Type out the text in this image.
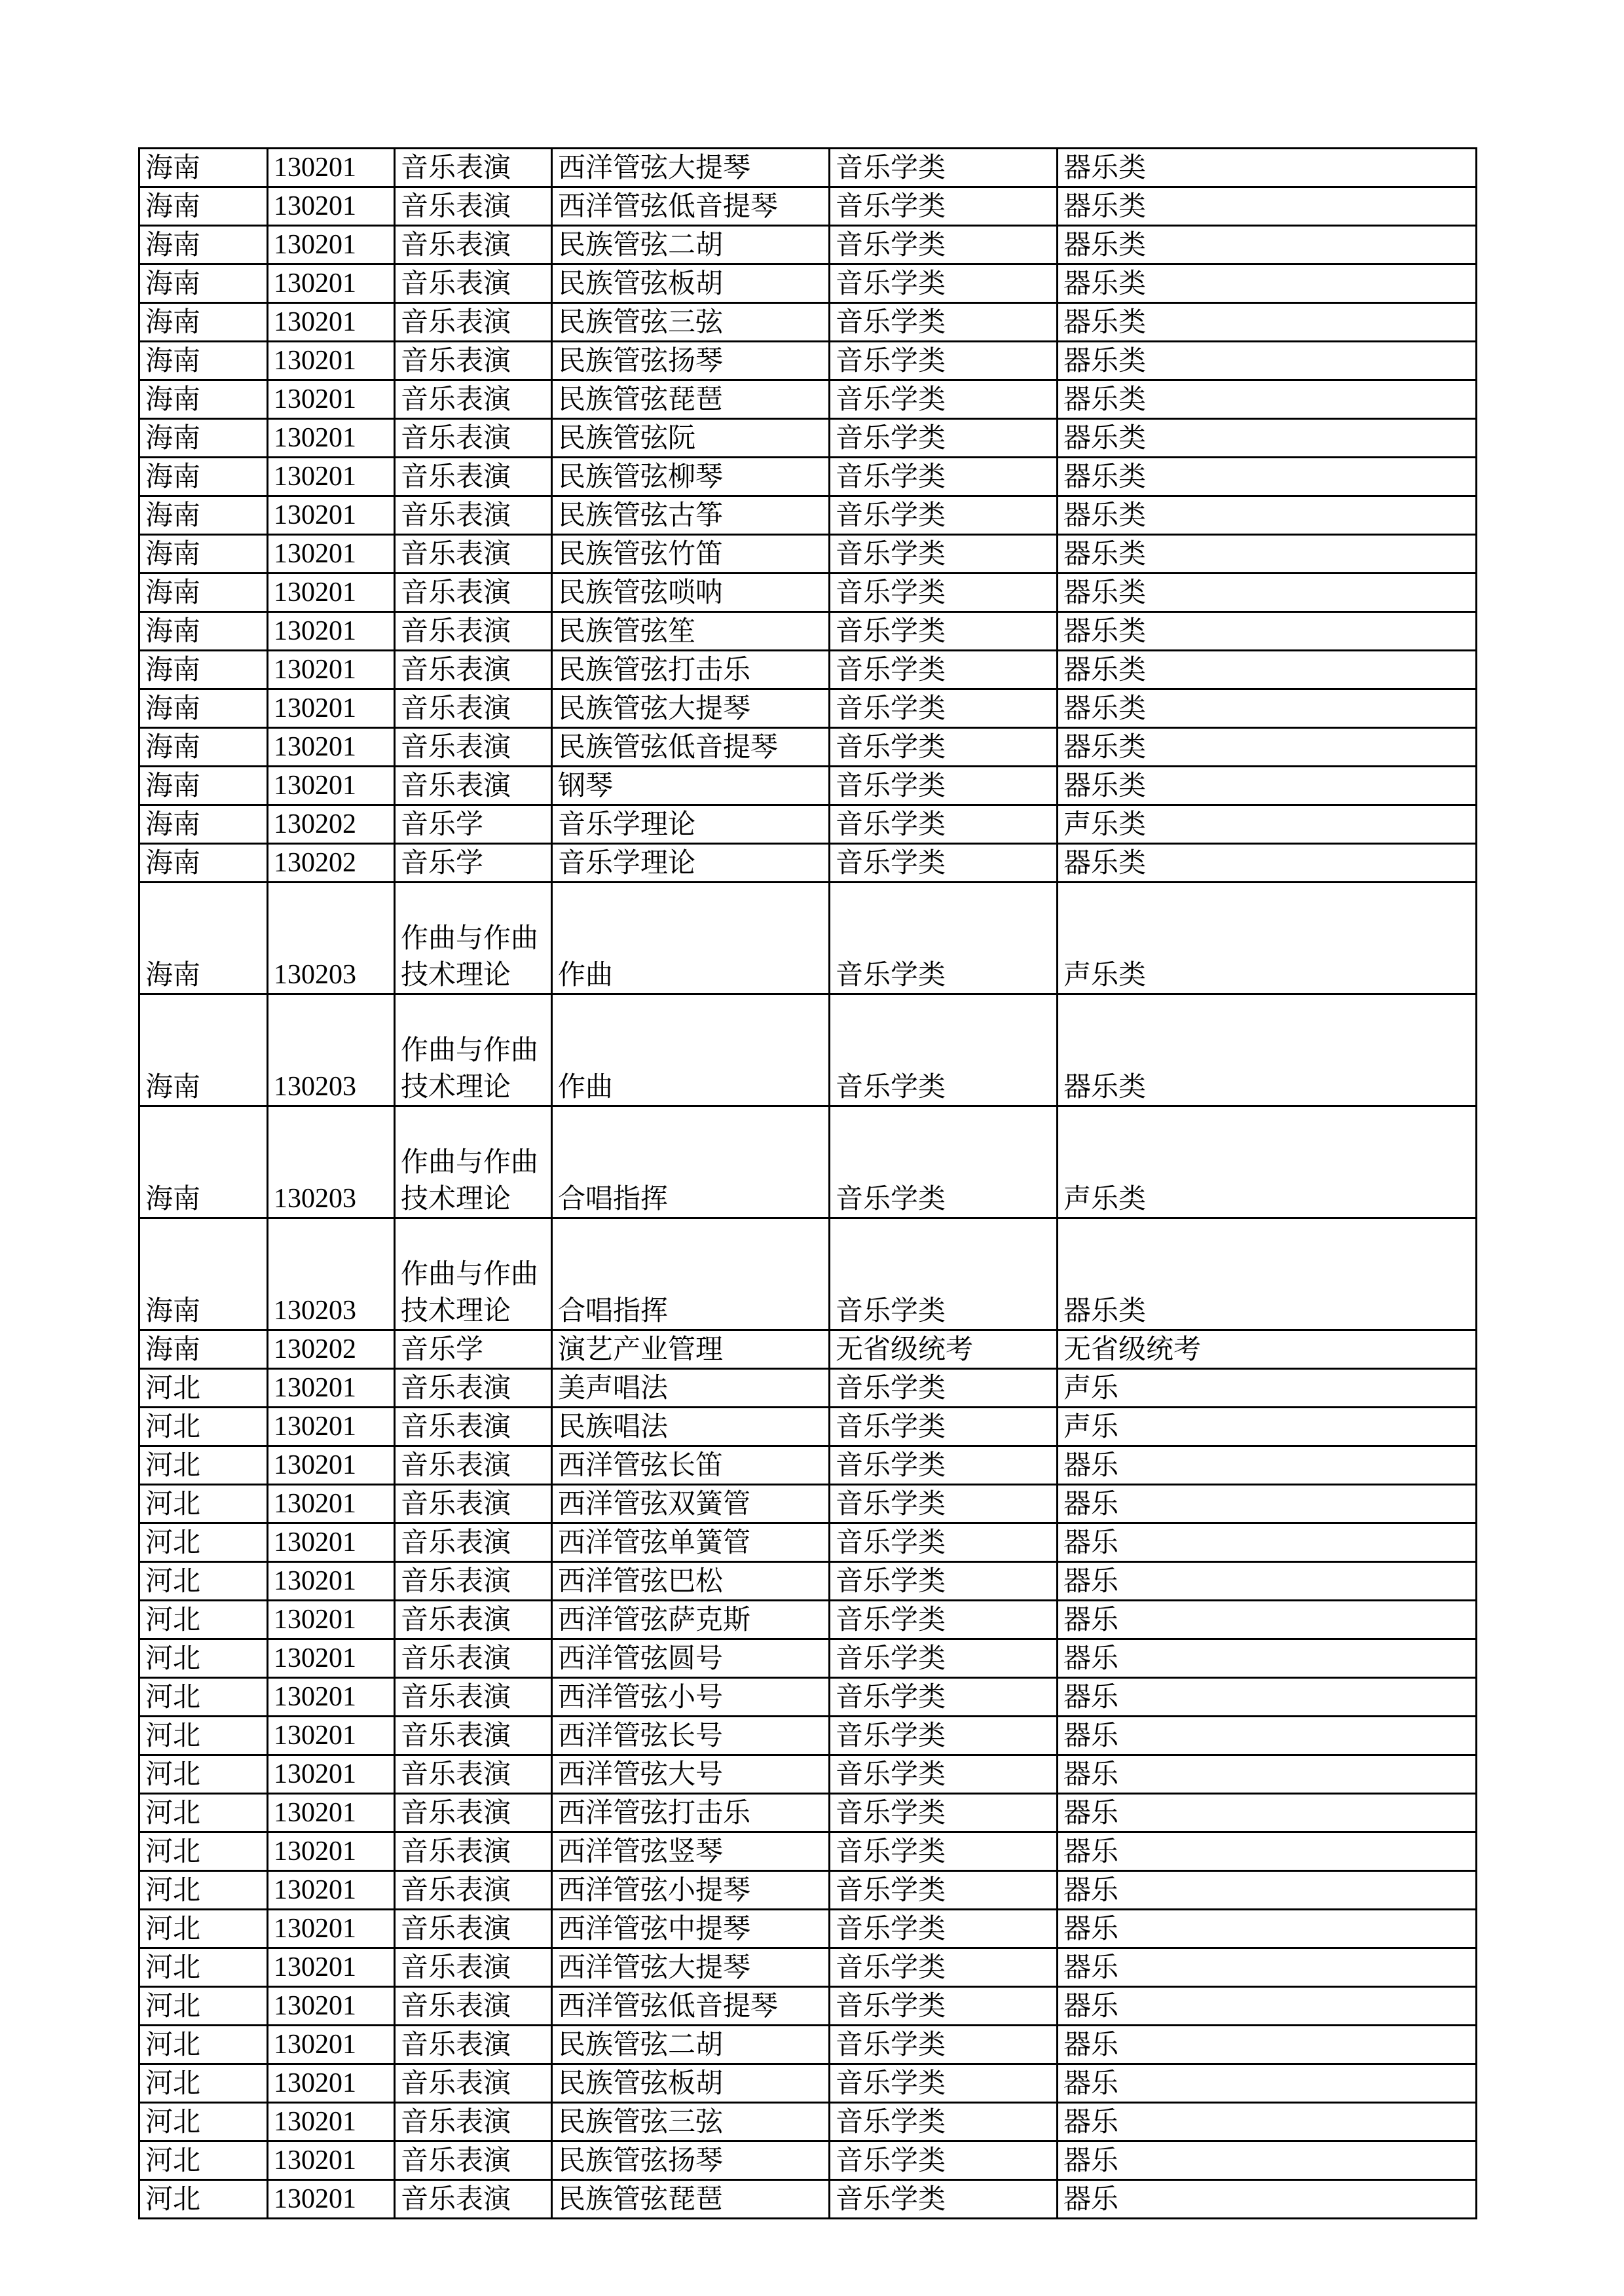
海南	130201	音乐表演	西洋管弦大提琴	音乐学类	器乐类
海南	130201	音乐表演	西洋管弦低音提琴	音乐学类	器乐类
海南	130201	音乐表演	民族管弦二胡	音乐学类	器乐类
海南	130201	音乐表演	民族管弦板胡	音乐学类	器乐类
海南	130201	音乐表演	民族管弦三弦	音乐学类	器乐类
海南	130201	音乐表演	民族管弦扬琴	音乐学类	器乐类
海南	130201	音乐表演	民族管弦琵琶	音乐学类	器乐类
海南	130201	音乐表演	民族管弦阮	音乐学类	器乐类
海南	130201	音乐表演	民族管弦柳琴	音乐学类	器乐类
海南	130201	音乐表演	民族管弦古筝	音乐学类	器乐类
海南	130201	音乐表演	民族管弦竹笛	音乐学类	器乐类
海南	130201	音乐表演	民族管弦唢呐	音乐学类	器乐类
海南	130201	音乐表演	民族管弦笙	音乐学类	器乐类
海南	130201	音乐表演	民族管弦打击乐	音乐学类	器乐类
海南	130201	音乐表演	民族管弦大提琴	音乐学类	器乐类
海南	130201	音乐表演	民族管弦低音提琴	音乐学类	器乐类
海南	130201	音乐表演	钢琴	音乐学类	器乐类
海南	130202	音乐学	音乐学理论	音乐学类	声乐类
海南	130202	音乐学	音乐学理论	音乐学类	器乐类
海南	130203	作曲与作曲技术理论	作曲	音乐学类	声乐类
海南	130203	作曲与作曲技术理论	作曲	音乐学类	器乐类
海南	130203	作曲与作曲技术理论	合唱指挥	音乐学类	声乐类
海南	130203	作曲与作曲技术理论	合唱指挥	音乐学类	器乐类
海南	130202	音乐学	演艺产业管理	无省级统考	无省级统考
河北	130201	音乐表演	美声唱法	音乐学类	声乐
河北	130201	音乐表演	民族唱法	音乐学类	声乐
河北	130201	音乐表演	西洋管弦长笛	音乐学类	器乐
河北	130201	音乐表演	西洋管弦双簧管	音乐学类	器乐
河北	130201	音乐表演	西洋管弦单簧管	音乐学类	器乐
河北	130201	音乐表演	西洋管弦巴松	音乐学类	器乐
河北	130201	音乐表演	西洋管弦萨克斯	音乐学类	器乐
河北	130201	音乐表演	西洋管弦圆号	音乐学类	器乐
河北	130201	音乐表演	西洋管弦小号	音乐学类	器乐
河北	130201	音乐表演	西洋管弦长号	音乐学类	器乐
河北	130201	音乐表演	西洋管弦大号	音乐学类	器乐
河北	130201	音乐表演	西洋管弦打击乐	音乐学类	器乐
河北	130201	音乐表演	西洋管弦竖琴	音乐学类	器乐
河北	130201	音乐表演	西洋管弦小提琴	音乐学类	器乐
河北	130201	音乐表演	西洋管弦中提琴	音乐学类	器乐
河北	130201	音乐表演	西洋管弦大提琴	音乐学类	器乐
河北	130201	音乐表演	西洋管弦低音提琴	音乐学类	器乐
河北	130201	音乐表演	民族管弦二胡	音乐学类	器乐
河北	130201	音乐表演	民族管弦板胡	音乐学类	器乐
河北	130201	音乐表演	民族管弦三弦	音乐学类	器乐
河北	130201	音乐表演	民族管弦扬琴	音乐学类	器乐
河北	130201	音乐表演	民族管弦琵琶	音乐学类	器乐
